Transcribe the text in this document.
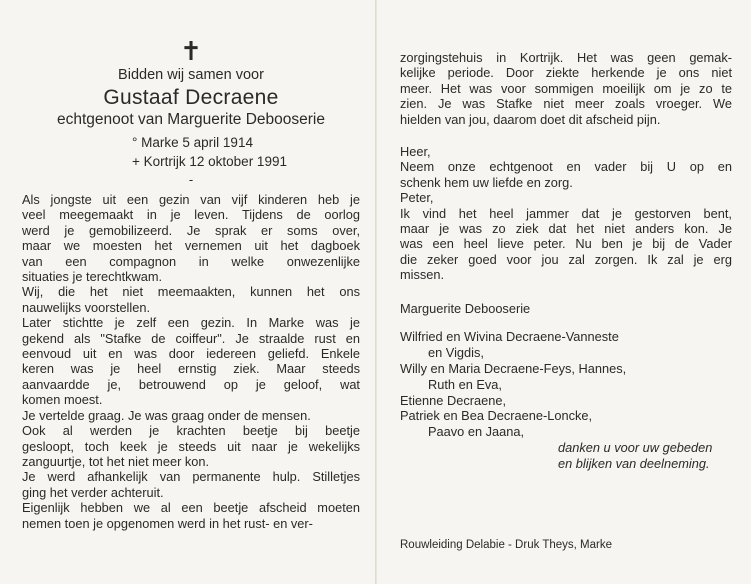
✝
Bidden wij samen voor
Gustaaf Decraene
echtgenoot van Marguerite Debooserie
° Marke 5 april 1914
+ Kortrijk 12 oktober 1991
-

Als jongste uit een gezin van vijf kinderen heb je

veel meegemaakt in je leven. Tijdens de oorlog

werd je gemobilizeerd. Je sprak er soms over,

maar we moesten het vernemen uit het dagboek

van een compagnon in welke onwezenlijke

situaties je terechtkwam.

Wij, die het niet meemaakten, kunnen het ons

nauwelijks voorstellen.

Later stichtte je zelf een gezin. In Marke was je

gekend als "Stafke de coiffeur". Je straalde rust en

eenvoud uit en was door iedereen geliefd. Enkele

keren was je heel ernstig ziek. Maar steeds

aanvaardde je, betrouwend op je geloof, wat

komen moest.

Je vertelde graag. Je was graag onder de mensen.

Ook al werden je krachten beetje bij beetje

gesloopt, toch keek je steeds uit naar je wekelijks

zanguurtje, tot het niet meer kon.

Je werd afhankelijk van permanente hulp. Stilletjes

ging het verder achteruit.

Eigenlijk hebben we al een beetje afscheid moeten

nemen toen je opgenomen werd in het rust- en ver-

zorgingstehuis in Kortrijk. Het was geen gemak-

kelijke periode. Door ziekte herkende je ons niet

meer. Het was voor sommigen moeilijk om je zo te

zien. Je was Stafke niet meer zoals vroeger. We

hielden van jou, daarom doet dit afscheid pijn.

Heer,

Neem onze echtgenoot en vader bij U op en

schenk hem uw liefde en zorg.

Peter,

Ik vind het heel jammer dat je gestorven bent,

maar je was zo ziek dat het niet anders kon. Je

was een heel lieve peter. Nu ben je bij de Vader

die zeker goed voor jou zal zorgen. Ik zal je erg

missen.

Marguerite Debooserie
Wilfried en Wivina Decraene-Vanneste
en Vigdis,
Willy en Maria Decraene-Feys, Hannes,
Ruth en Eva,
Etienne Decraene,
Patriek en Bea Decraene-Loncke,
Paavo en Jaana,
danken u voor uw gebeden
en blijken van deelneming.
Rouwleiding Delabie - Druk Theys, Marke
